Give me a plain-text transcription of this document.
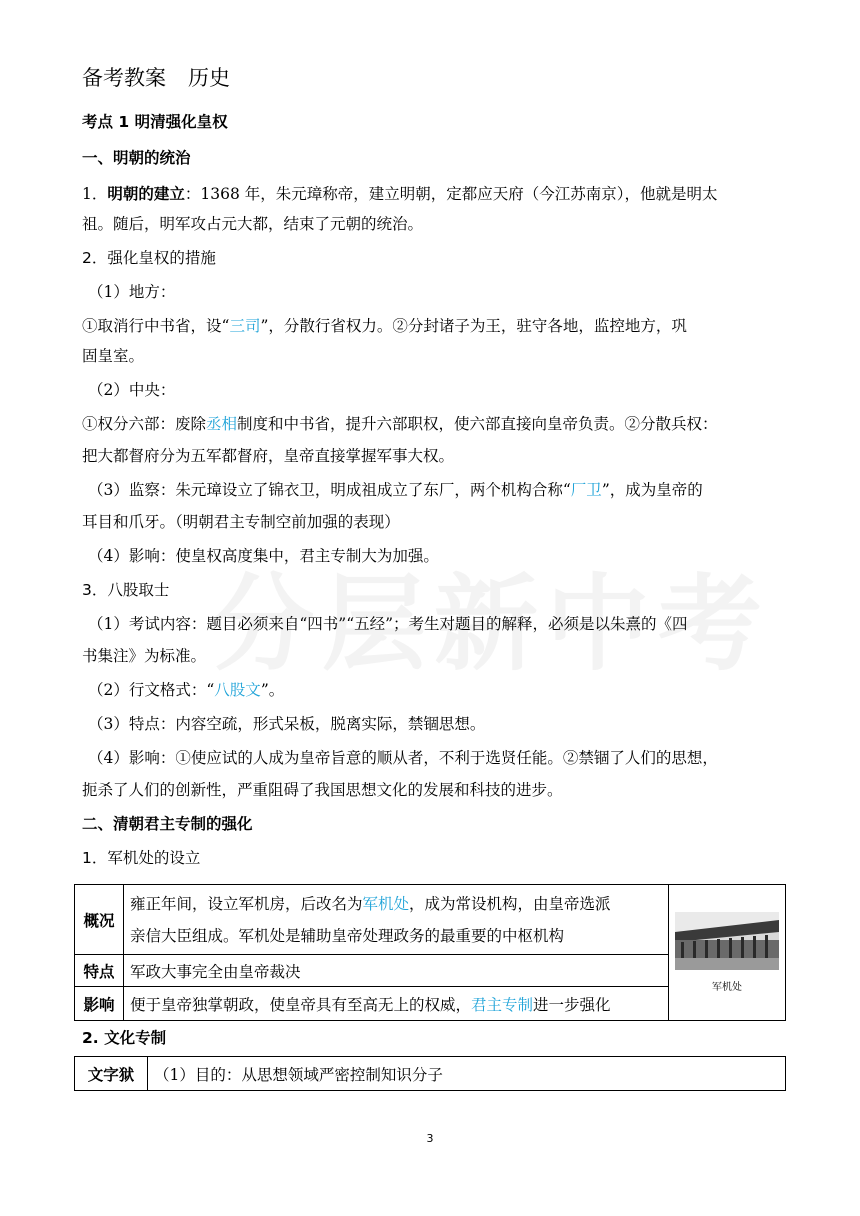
备考教案 历史
考点 1 明清强化皇权
一、明朝的统治
1．明朝的建立：1368 年，朱元璋称帝，建立明朝，定都应天府（今江苏南京），他就是明太
祖。随后，明军攻占元大都，结束了元朝的统治。
2．强化皇权的措施
（1）地方：
①取消行中书省，设“三司”，分散行省权力。②分封诸子为王，驻守各地，监控地方，巩
固皇室。
（2）中央：
①权分六部：废除丞相制度和中书省，提升六部职权，使六部直接向皇帝负责。②分散兵权：
把大都督府分为五军都督府，皇帝直接掌握军事大权。
（3）监察：朱元璋设立了锦衣卫，明成祖成立了东厂，两个机构合称“厂卫”，成为皇帝的
耳目和爪牙。（明朝君主专制空前加强的表现）
（4）影响：使皇权高度集中，君主专制大为加强。
3．八股取士
（1）考试内容：题目必须来自“四书”“五经”；考生对题目的解释，必须是以朱熹的《四
书集注》为标准。
（2）行文格式：“八股文”。
（3）特点：内容空疏，形式呆板，脱离实际，禁锢思想。
（4）影响：①使应试的人成为皇帝旨意的顺从者，不利于选贤任能。②禁锢了人们的思想，
扼杀了人们的创新性，严重阻碍了我国思想文化的发展和科技的进步。
二、清朝君主专制的强化
1．军机处的设立
概况	雍正年间，设立军机房，后改名为军机处，成为常设机构，由皇帝选派
亲信大臣组成。军机处是辅助皇帝处理政务的最重要的中枢机构	军机处

特点	军政大事完全由皇帝裁决	
影响	便于皇帝独掌朝政，使皇帝具有至高无上的权威，君主专制进一步强化	
2. 文化专制
文字狱	（1）目的：从思想领域严密控制知识分子
3
